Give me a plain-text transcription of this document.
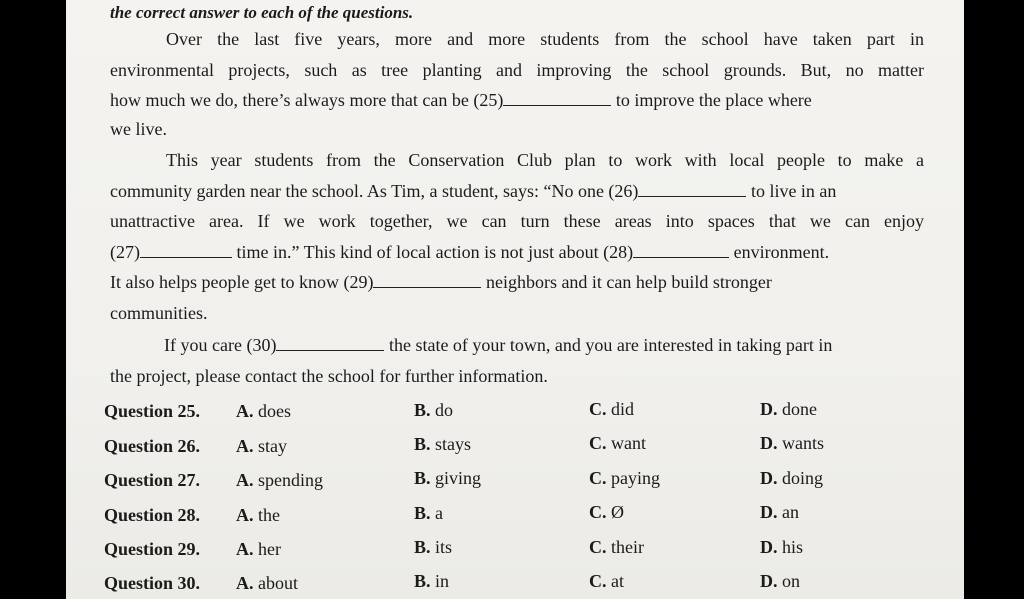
the correct answer to each of the questions.
Over the last five years, more and more students from the school have taken part in
environmental projects, such as tree planting and improving the school grounds. But, no matter
how much we do, there’s always more that can be (25)	to improve the place where
we live.
This year students from the Conservation Club plan to work with local people to make a
community garden near the school. As Tim, a student, says: “No one (26)	to live in an
unattractive area. If we work together, we can turn these areas into spaces that we can enjoy
(27)	time in.” This kind of local action is not just about (28)	environment.
It also helps people get to know (29)	neighbors and it can help build stronger
communities.
If you care (30)	the state of your town, and you are interested in taking part in
the project, please contact the school for further information.
Question 25. A. does	B. do	C. did	D. done
Question 26. A. stay	B. stays	C. want	D. wants
Question 27. A. spending	B. giving	C. paying	D. doing
Question 28. A. the	B. a	C. Ø	D. an
Question 29. A. her	B. its	C. their	D. his
Question 30. A. about	B. in	C. at	D. on
